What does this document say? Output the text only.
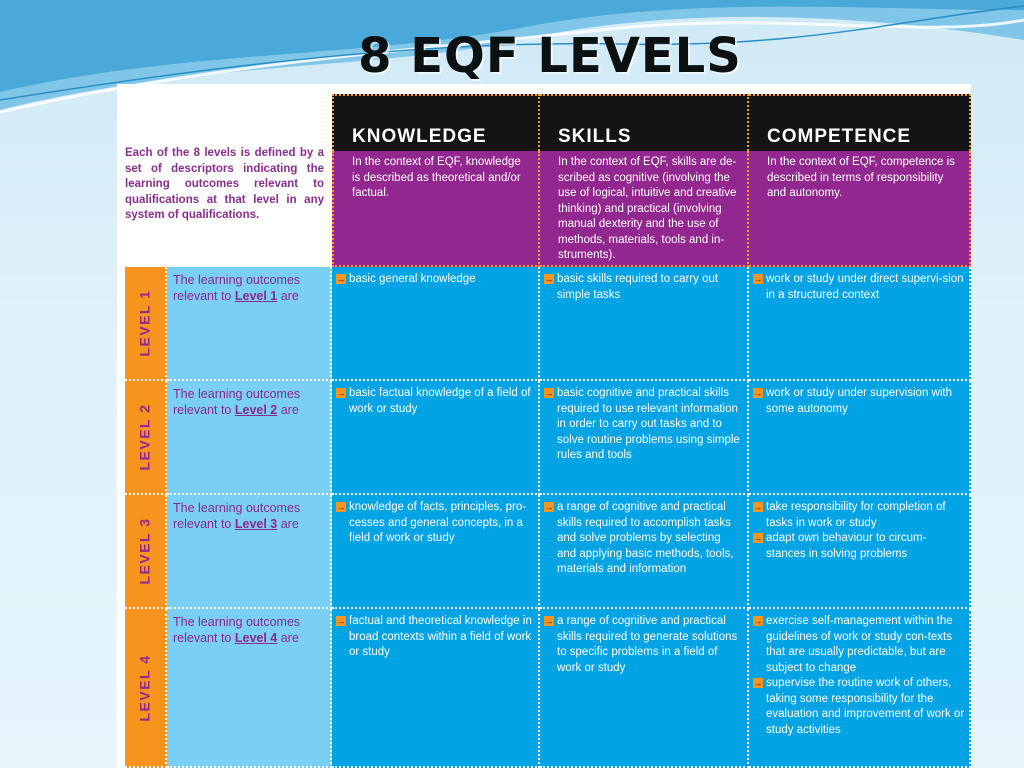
8 EQF LEVELS
Each of the 8 levels is defined by a set of descriptors indicating the learning outcomes relevant to qualifications at that level in any system of qualifications.
KNOWLEDGE
In the context of EQF, knowledge is described as theoretical and/or factual.
SKILLS
In the context of EQF, skills are de-scribed as cognitive (involving the use of logical, intuitive and creative thinking) and practical (involving manual dexterity and the use of methods, materials, tools and in-struments).
COMPETENCE
In the context of EQF, competence is described in terms of responsibility and autonomy.
LEVEL 1
The learning outcomes relevant to Level 1 are
→ basic general knowledge	→ basic skills required to carry out simple tasks
→ work or study under direct supervi-sion in a structured context
LEVEL 2
The learning outcomes relevant to Level 2 are
→ basic factual knowledge of a field of work or study
→ basic cognitive and practical skills required to use relevant information in order to carry out tasks and to solve routine problems using simple rules and tools
→ work or study under supervision with some autonomy
LEVEL 3
The learning outcomes relevant to Level 3 are
→ knowledge of facts, principles, pro-cesses and general concepts, in a field of work or study
→ a range of cognitive and practical skills required to accomplish tasks and solve problems by selecting and applying basic methods, tools, materials and information
→ take responsibility for completion of tasks in work or study
→ adapt own behaviour to circum-stances in solving problems
LEVEL 4
The learning outcomes relevant to Level 4 are
→ factual and theoretical knowledge in broad contexts within a field of work or study
→ a range of cognitive and practical skills required to generate solutions to specific problems in a field of work or study
→ exercise self-management within the guidelines of work or study con-texts that are usually predictable, but are subject to change
→ supervise the routine work of others, taking some responsibility for the evaluation and improvement of work or study activities
